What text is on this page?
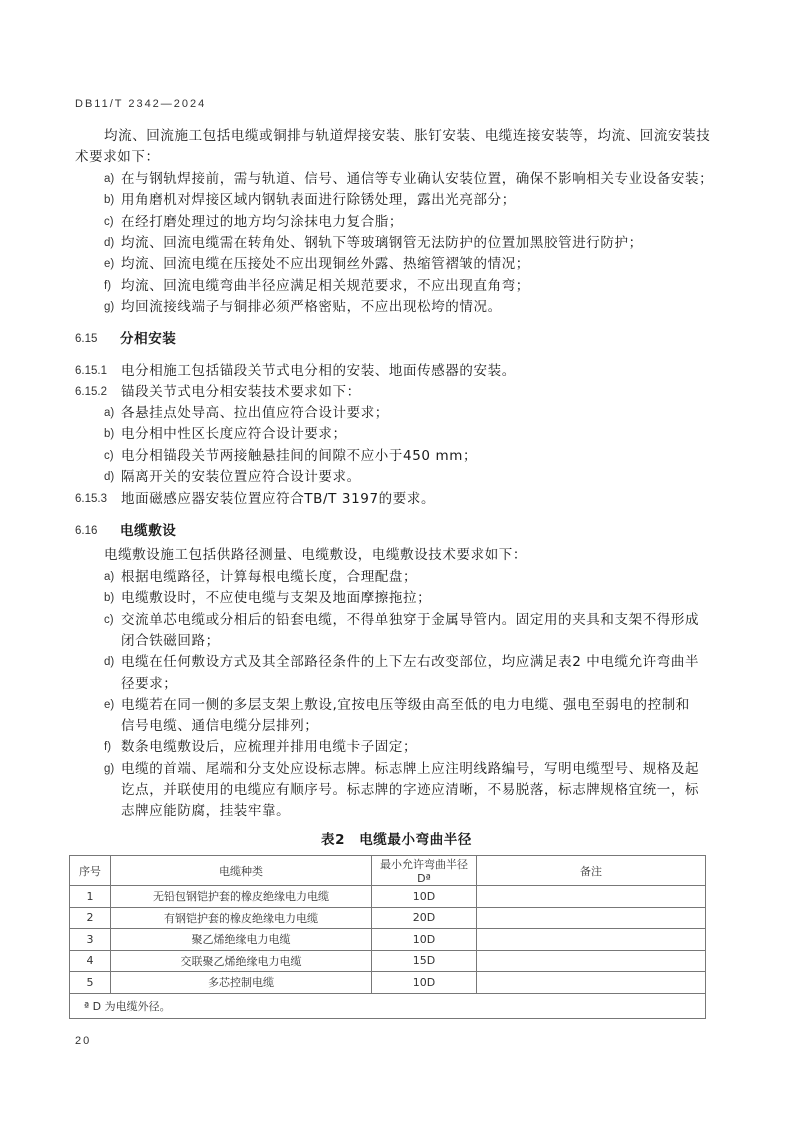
DB11/T 2342—2024
均流、回流施工包括电缆或铜排与轨道焊接安装、胀钉安装、电缆连接安装等，均流、回流安装技
术要求如下：
a) 在与钢轨焊接前，需与轨道、信号、通信等专业确认安装位置，确保不影响相关专业设备安装；
b) 用角磨机对焊接区域内钢轨表面进行除锈处理，露出光亮部分；
c) 在经打磨处理过的地方均匀涂抹电力复合脂；
d) 均流、回流电缆需在转角处、钢轨下等玻璃钢管无法防护的位置加黑胶管进行防护；
e) 均流、回流电缆在压接处不应出现铜丝外露、热缩管褶皱的情况；
f) 均流、回流电缆弯曲半径应满足相关规范要求，不应出现直角弯；
g) 均回流接线端子与铜排必须严格密贴，不应出现松垮的情况。
6.15 分相安装
6.15.1 电分相施工包括锚段关节式电分相的安装、地面传感器的安装。
6.15.2 锚段关节式电分相安装技术要求如下：
a) 各悬挂点处导高、拉出值应符合设计要求；
b) 电分相中性区长度应符合设计要求；
c) 电分相锚段关节两接触悬挂间的间隙不应小于450 mm；
d) 隔离开关的安装位置应符合设计要求。
6.15.3 地面磁感应器安装位置应符合TB/T 3197的要求。
6.16 电缆敷设
电缆敷设施工包括供路径测量、电缆敷设，电缆敷设技术要求如下：
a) 根据电缆路径，计算每根电缆长度，合理配盘；
b) 电缆敷设时，不应使电缆与支架及地面摩擦拖拉；
c) 交流单芯电缆或分相后的铅套电缆，不得单独穿于金属导管内。固定用的夹具和支架不得形成
闭合铁磁回路；
d) 电缆在任何敷设方式及其全部路径条件的上下左右改变部位，均应满足表2 中电缆允许弯曲半
径要求；
e) 电缆若在同一侧的多层支架上敷设,宜按电压等级由高至低的电力电缆、强电至弱电的控制和
信号电缆、通信电缆分层排列；
f) 数条电缆敷设后，应梳理并排用电缆卡子固定；
g) 电缆的首端、尾端和分支处应设标志牌。标志牌上应注明线路编号，写明电缆型号、规格及起
讫点，并联使用的电缆应有顺序号。标志牌的字迹应清晰，不易脱落，标志牌规格宜统一，标
志牌应能防腐，挂装牢靠。
表2　电缆最小弯曲半径
序号	电缆种类	最小允许弯曲半径 Dª	备注
1	无铅包钢铠护套的橡皮绝缘电力电缆	10D	
2	有钢铠护套的橡皮绝缘电力电缆	20D	
3	聚乙烯绝缘电力电缆	10D	
4	交联聚乙烯绝缘电力电缆	15D	
5	多芯控制电缆	10D	
ª D 为电缆外径。			
20
